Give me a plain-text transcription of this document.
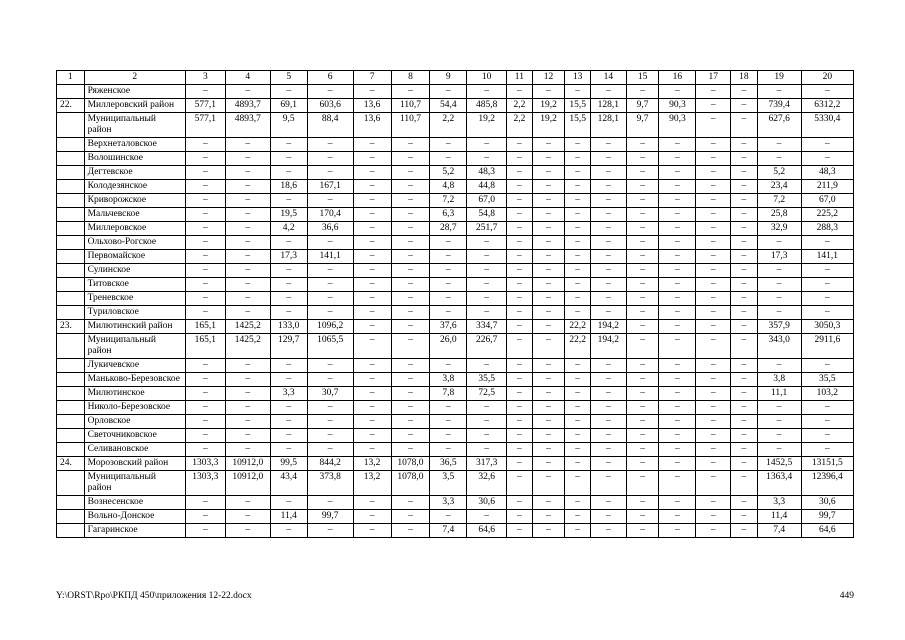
1	2	3	4	5	6	7	8	9	10	11	12	13	14	15	16	17	18	19	20
	Ряженское	–	–	–	–	–	–	–	–	–	–	–	–	–	–	–	–	–	–
22.	Миллеровский район	577,1	4893,7	69,1	603,6	13,6	110,7	54,4	485,8	2,2	19,2	15,5	128,1	9,7	90,3	–	–	739,4	6312,2
	Муниципальный район	577,1	4893,7	9,5	88,4	13,6	110,7	2,2	19,2	2,2	19,2	15,5	128,1	9,7	90,3	–	–	627,6	5330,4
	Верхнеталовское	–	–	–	–	–	–	–	–	–	–	–	–	–	–	–	–	–	–
	Волошинское	–	–	–	–	–	–	–	–	–	–	–	–	–	–	–	–	–	–
	Дегтевское	–	–	–	–	–	–	5,2	48,3	–	–	–	–	–	–	–	–	5,2	48,3
	Колодезянское	–	–	18,6	167,1	–	–	4,8	44,8	–	–	–	–	–	–	–	–	23,4	211,9
	Криворожское	–	–	–	–	–	–	7,2	67,0	–	–	–	–	–	–	–	–	7,2	67,0
	Мальчевское	–	–	19,5	170,4	–	–	6,3	54,8	–	–	–	–	–	–	–	–	25,8	225,2
	Миллеровское	–	–	4,2	36,6	–	–	28,7	251,7	–	–	–	–	–	–	–	–	32,9	288,3
	Ольхово-Рогское	–	–	–	–	–	–	–	–	–	–	–	–	–	–	–	–	–	–
	Первомайское	–	–	17,3	141,1	–	–	–	–	–	–	–	–	–	–	–	–	17,3	141,1
	Сулинское	–	–	–	–	–	–	–	–	–	–	–	–	–	–	–	–	–	–
	Титовское	–	–	–	–	–	–	–	–	–	–	–	–	–	–	–	–	–	–
	Треневское	–	–	–	–	–	–	–	–	–	–	–	–	–	–	–	–	–	–
	Туриловское	–	–	–	–	–	–	–	–	–	–	–	–	–	–	–	–	–	–
23.	Милютинский район	165,1	1425,2	133,0	1096,2	–	–	37,6	334,7	–	–	22,2	194,2	–	–	–	–	357,9	3050,3
	Муниципальный район	165,1	1425,2	129,7	1065,5	–	–	26,0	226,7	–	–	22,2	194,2	–	–	–	–	343,0	2911,6
	Лукичевское	–	–	–	–	–	–	–	–	–	–	–	–	–	–	–	–	–	–
	Маньково-Березовское	–	–	–	–	–	–	3,8	35,5	–	–	–	–	–	–	–	–	3,8	35,5
	Милютинское	–	–	3,3	30,7	–	–	7,8	72,5	–	–	–	–	–	–	–	–	11,1	103,2
	Николо-Березовское	–	–	–	–	–	–	–	–	–	–	–	–	–	–	–	–	–	–
	Орловское	–	–	–	–	–	–	–	–	–	–	–	–	–	–	–	–	–	–
	Светочниковское	–	–	–	–	–	–	–	–	–	–	–	–	–	–	–	–	–	–
	Селивановское	–	–	–	–	–	–	–	–	–	–	–	–	–	–	–	–	–	–
24.	Морозовский район	1303,3	10912,0	99,5	844,2	13,2	1078,0	36,5	317,3	–	–	–	–	–	–	–	–	1452,5	13151,5
	Муниципальный район	1303,3	10912,0	43,4	373,8	13,2	1078,0	3,5	32,6	–	–	–	–	–	–	–	–	1363,4	12396,4
	Вознесенское	–	–	–	–	–	–	3,3	30,6	–	–	–	–	–	–	–	–	3,3	30,6
	Вольно-Донское	–	–	11,4	99,7	–	–	–	–	–	–	–	–	–	–	–	–	11,4	99,7
	Гагаринское	–	–	–	–	–	–	7,4	64,6	–	–	–	–	–	–	–	–	7,4	64,6
Y:\ORST\Rpo\РКПД 450\приложения 12-22.docx	449
